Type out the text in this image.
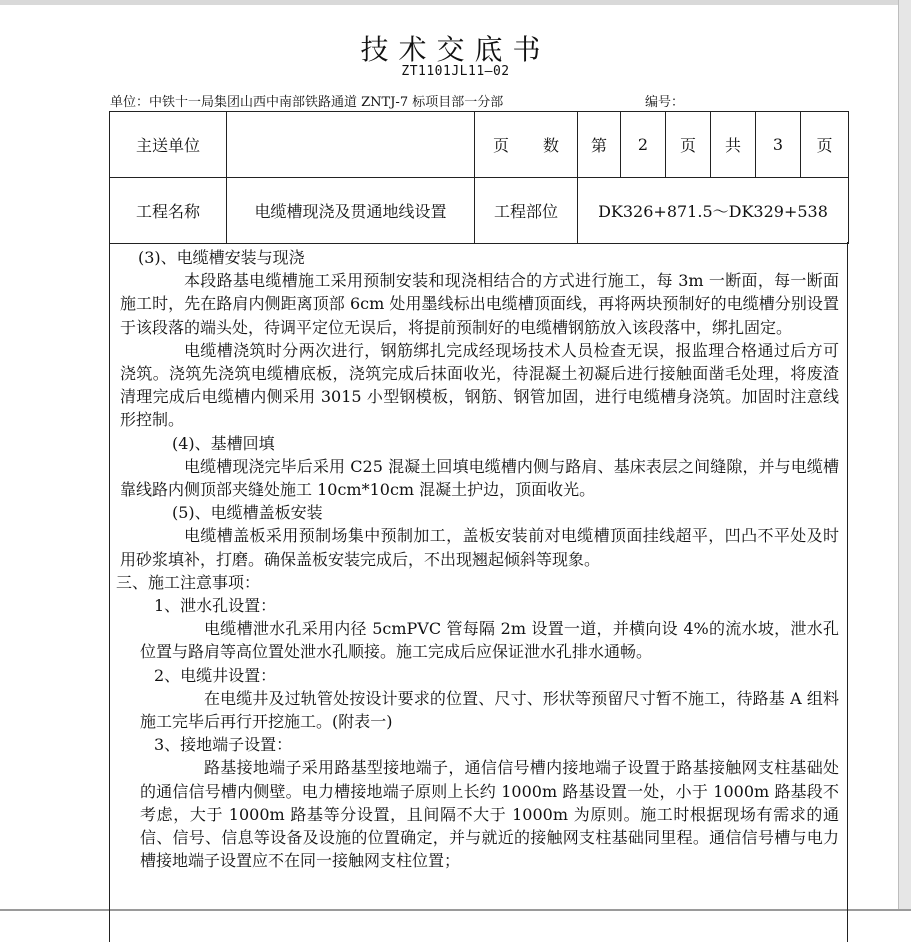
技术交底书
ZT1101JL11—02
单位：中铁十一局集团山西中南部铁路通道 ZNTJ-7 标项目部一分部	编号：
主送单位		页 数	第	2	页	共	3	页
工程名称	电缆槽现浇及贯通地线设置	工程部位	DK326+871.5～DK329+538					

(3)、电缆槽安装与现浇

本段路基电缆槽施工采用预制安装和现浇相结合的方式进行施工，每 3m 一断面，每一断面施工时，先在路肩内侧距离顶部 6cm 处用墨线标出电缆槽顶面线，再将两块预制好的电缆槽分别设置于该段落的端头处，待调平定位无误后，将提前预制好的电缆槽钢筋放入该段落中，绑扎固定。

电缆槽浇筑时分两次进行，钢筋绑扎完成经现场技术人员检查无误，报监理合格通过后方可浇筑。浇筑先浇筑电缆槽底板，浇筑完成后抹面收光，待混凝土初凝后进行接触面凿毛处理，将废渣清理完成后电缆槽内侧采用 3015 小型钢模板，钢筋、钢管加固，进行电缆槽身浇筑。加固时注意线形控制。

(4)、基槽回填

电缆槽现浇完毕后采用 C25 混凝土回填电缆槽内侧与路肩、基床表层之间缝隙，并与电缆槽靠线路内侧顶部夹缝处施工 10cm*10cm 混凝土护边，顶面收光。

(5)、电缆槽盖板安装

电缆槽盖板采用预制场集中预制加工，盖板安装前对电缆槽顶面挂线超平，凹凸不平处及时用砂浆填补，打磨。确保盖板安装完成后，不出现翘起倾斜等现象。

三、施工注意事项：

1、泄水孔设置：

电缆槽泄水孔采用内径 5cmPVC 管每隔 2m 设置一道，并横向设 4%的流水坡，泄水孔位置与路肩等高位置处泄水孔顺接。施工完成后应保证泄水孔排水通畅。

2、电缆井设置：

在电缆井及过轨管处按设计要求的位置、尺寸、形状等预留尺寸暂不施工，待路基 A 组料施工完毕后再行开挖施工。(附表一)

3、接地端子设置：

路基接地端子采用路基型接地端子，通信信号槽内接地端子设置于路基接触网支柱基础处的通信信号槽内侧壁。电力槽接地端子原则上长约 1000m 路基设置一处，小于 1000m 路基段不考虑，大于 1000m 路基等分设置，且间隔不大于 1000m 为原则。施工时根据现场有需求的通信、信号、信息等设备及设施的位置确定，并与就近的接触网支柱基础同里程。通信信号槽与电力槽接地端子设置应不在同一接触网支柱位置；
